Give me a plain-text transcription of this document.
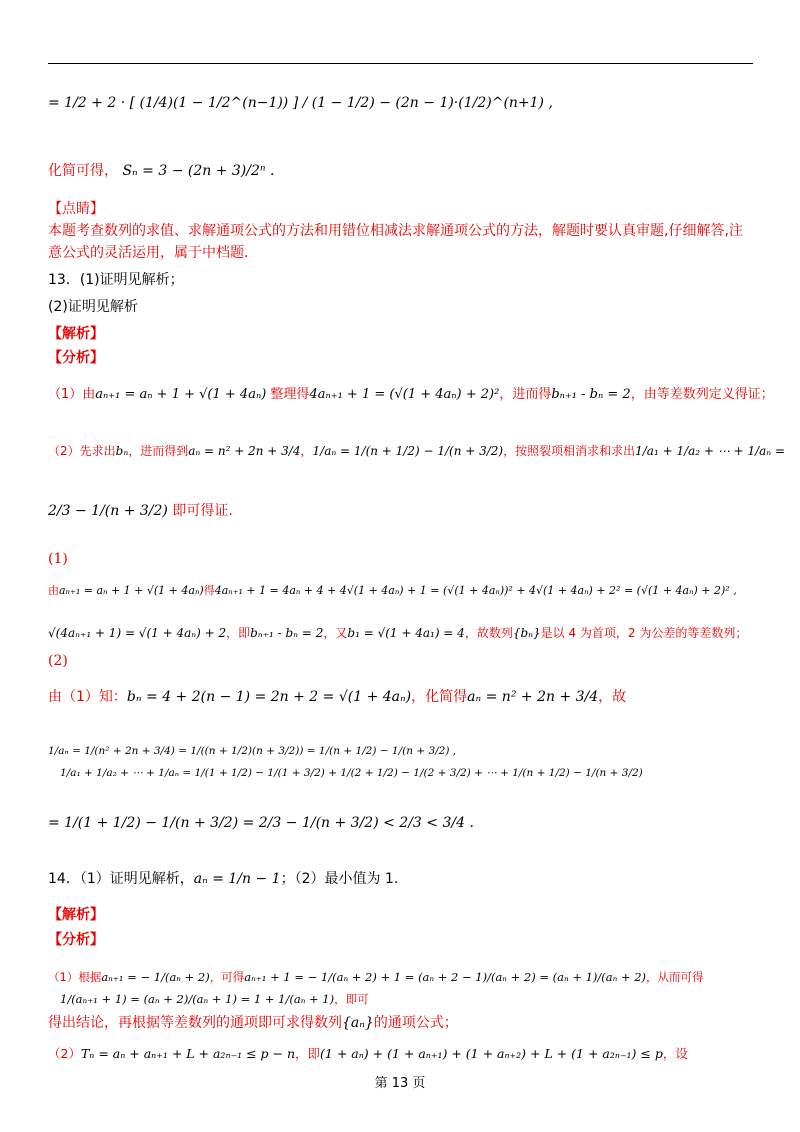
= 1/2 + 2 · [ (1/4)(1 − 1/2^(n−1)) ] / (1 − 1/2) − (2n − 1)·(1/2)^(n+1) ,
化简可得， Sₙ = 3 − (2n + 3)/2ⁿ .
【点睛】
本题考查数列的求值、求解通项公式的方法和用错位相减法求解通项公式的方法，解题时要认真审题,仔细解答,注意公式的灵活运用，属于中档题.
13．(1)证明见解析；
(2)证明见解析
【解析】
【分析】
（1）由aₙ₊₁ = aₙ + 1 + √(1 + 4aₙ) 整理得4aₙ₊₁ + 1 = (√(1 + 4aₙ) + 2)²，进而得bₙ₊₁ - bₙ = 2，由等差数列定义得证；
（2）先求出bₙ，进而得到aₙ = n² + 2n + 3/4，1/aₙ = 1/(n + 1/2) − 1/(n + 3/2)，按照裂项相消求和求出1/a₁ + 1/a₂ + ⋯ + 1/aₙ =
2/3 − 1/(n + 3/2) 即可得证.
(1)
由aₙ₊₁ = aₙ + 1 + √(1 + 4aₙ)得4aₙ₊₁ + 1 = 4aₙ + 4 + 4√(1 + 4aₙ) + 1 = (√(1 + 4aₙ))² + 4√(1 + 4aₙ) + 2² = (√(1 + 4aₙ) + 2)² ,
√(4aₙ₊₁ + 1) = √(1 + 4aₙ) + 2，即bₙ₊₁ - bₙ = 2，又b₁ = √(1 + 4a₁) = 4，故数列{bₙ}是以 4 为首项，2 为公差的等差数列；
(2)
由（1）知：bₙ = 4 + 2(n − 1) = 2n + 2 = √(1 + 4aₙ)，化简得aₙ = n² + 2n + 3/4，故
1/aₙ = 1/(n² + 2n + 3/4) = 1/((n + 1/2)(n + 3/2)) = 1/(n + 1/2) − 1/(n + 3/2) ,
1/a₁ + 1/a₂ + ⋯ + 1/aₙ = 1/(1 + 1/2) − 1/(1 + 3/2) + 1/(2 + 1/2) − 1/(2 + 3/2) + ⋯ + 1/(n + 1/2) − 1/(n + 3/2)
= 1/(1 + 1/2) − 1/(n + 3/2) = 2/3 − 1/(n + 3/2) < 2/3 < 3/4 .
14．（1）证明见解析，aₙ = 1/n − 1；（2）最小值为 1.
【解析】
【分析】
（1）根据aₙ₊₁ = − 1/(aₙ + 2)，可得aₙ₊₁ + 1 = − 1/(aₙ + 2) + 1 = (aₙ + 2 − 1)/(aₙ + 2) = (aₙ + 1)/(aₙ + 2)，从而可得
1/(aₙ₊₁ + 1) = (aₙ + 2)/(aₙ + 1) = 1 + 1/(aₙ + 1)，即可
得出结论，再根据等差数列的通项即可求得数列{aₙ}的通项公式；
（2）Tₙ = aₙ + aₙ₊₁ + L + a₂ₙ₋₁ ≤ p − n，即(1 + aₙ) + (1 + aₙ₊₁) + (1 + aₙ₊₂) + L + (1 + a₂ₙ₋₁) ≤ p，设
第 13 页
